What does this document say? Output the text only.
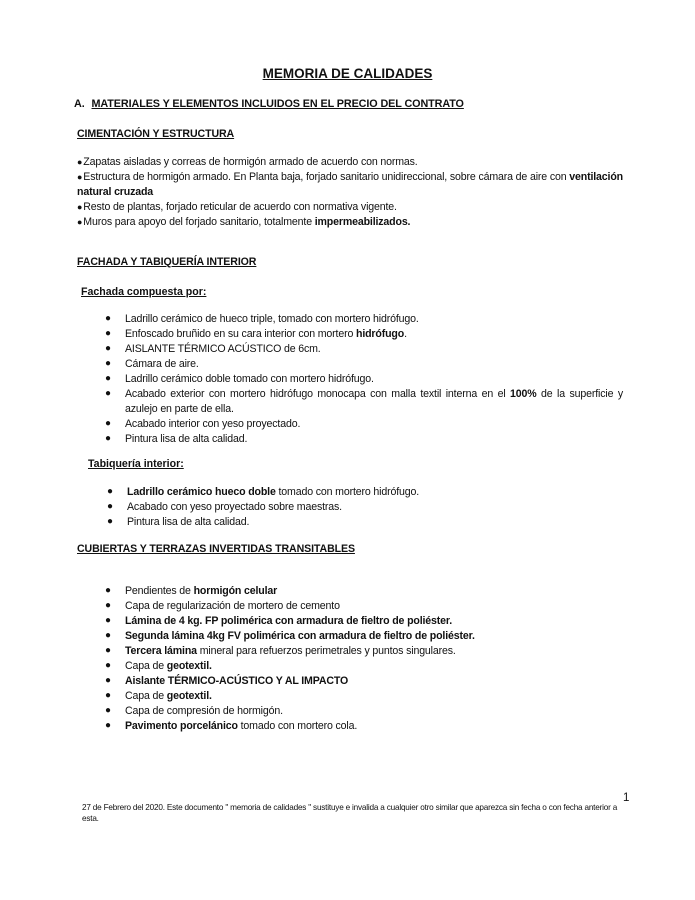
MEMORIA DE CALIDADES
A. MATERIALES Y ELEMENTOS INCLUIDOS EN EL PRECIO DEL CONTRATO
CIMENTACIÓN Y ESTRUCTURA
●Zapatas aisladas y correas de hormigón armado de acuerdo con normas.
●Estructura de hormigón armado. En Planta baja, forjado sanitario unidireccional, sobre cámara de aire con ventilación natural cruzada
●Resto de plantas, forjado reticular de acuerdo con normativa vigente.
●Muros para apoyo del forjado sanitario, totalmente impermeabilizados.
FACHADA Y TABIQUERÍA INTERIOR
Fachada compuesta por:
● Ladrillo cerámico de hueco triple, tomado con mortero hidrófugo.
● Enfoscado bruñido en su cara interior con mortero hidrófugo.
● AISLANTE TÉRMICO ACÚSTICO de 6cm.
● Cámara de aire.
● Ladrillo cerámico doble tomado con mortero hidrófugo.
● Acabado exterior con mortero hidrófugo monocapa con malla textil interna en el 100% de la superficie y azulejo en parte de ella.
● Acabado interior con yeso proyectado.
● Pintura lisa de alta calidad.
Tabiquería interior:
● Ladrillo cerámico hueco doble tomado con mortero hidrófugo.
● Acabado con yeso proyectado sobre maestras.
● Pintura lisa de alta calidad.
CUBIERTAS Y TERRAZAS INVERTIDAS TRANSITABLES
● Pendientes de hormigón celular
● Capa de regularización de mortero de cemento
● Lámina de 4 kg. FP polimérica con armadura de fieltro de poliéster.
● Segunda lámina 4kg FV polimérica con armadura de fieltro de poliéster.
● Tercera lámina mineral para refuerzos perimetrales y puntos singulares.
● Capa de geotextil.
● Aislante TÉRMICO-ACÚSTICO Y AL IMPACTO
● Capa de geotextil.
● Capa de compresión de hormigón.
● Pavimento porcelánico tomado con mortero cola.
1
27 de Febrero del 2020. Este documento " memoria de calidades " sustituye e invalida a cualquier otro similar que aparezca sin fecha o con fecha anterior a esta.
